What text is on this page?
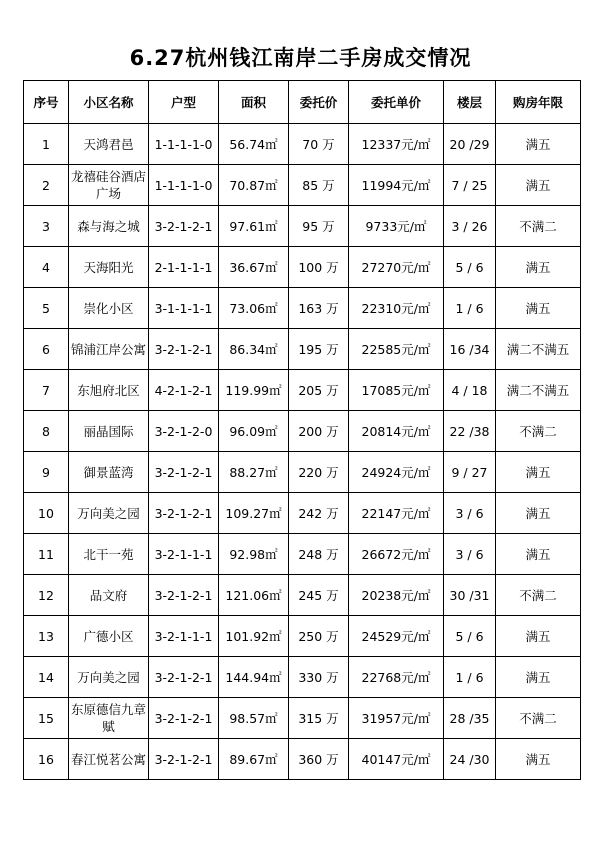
6.27杭州钱江南岸二手房成交情况
序号	小区名称	户型	面积	委托价	委托单价	楼层	购房年限
1	天鸿君邑	1-1-1-1-0	56.74㎡	70 万	12337元/㎡	20 /29	满五
2	龙禧硅谷酒店广场	1-1-1-1-0	70.87㎡	85 万	11994元/㎡	7 / 25	满五
3	森与海之城	3-2-1-2-1	97.61㎡	95 万	9733元/㎡	3 / 26	不满二
4	天海阳光	2-1-1-1-1	36.67㎡	100 万	27270元/㎡	5 / 6	满五
5	崇化小区	3-1-1-1-1	73.06㎡	163 万	22310元/㎡	1 / 6	满五
6	锦浦江岸公寓	3-2-1-2-1	86.34㎡	195 万	22585元/㎡	16 /34	满二不满五
7	东旭府北区	4-2-1-2-1	119.99㎡	205 万	17085元/㎡	4 / 18	满二不满五
8	丽晶国际	3-2-1-2-0	96.09㎡	200 万	20814元/㎡	22 /38	不满二
9	御景蓝湾	3-2-1-2-1	88.27㎡	220 万	24924元/㎡	9 / 27	满五
10	万向美之园	3-2-1-2-1	109.27㎡	242 万	22147元/㎡	3 / 6	满五
11	北干一苑	3-2-1-1-1	92.98㎡	248 万	26672元/㎡	3 / 6	满五
12	品文府	3-2-1-2-1	121.06㎡	245 万	20238元/㎡	30 /31	不满二
13	广德小区	3-2-1-1-1	101.92㎡	250 万	24529元/㎡	5 / 6	满五
14	万向美之园	3-2-1-2-1	144.94㎡	330 万	22768元/㎡	1 / 6	满五
15	东原德信九章赋	3-2-1-2-1	98.57㎡	315 万	31957元/㎡	28 /35	不满二
16	春江悦茗公寓	3-2-1-2-1	89.67㎡	360 万	40147元/㎡	24 /30	满五
